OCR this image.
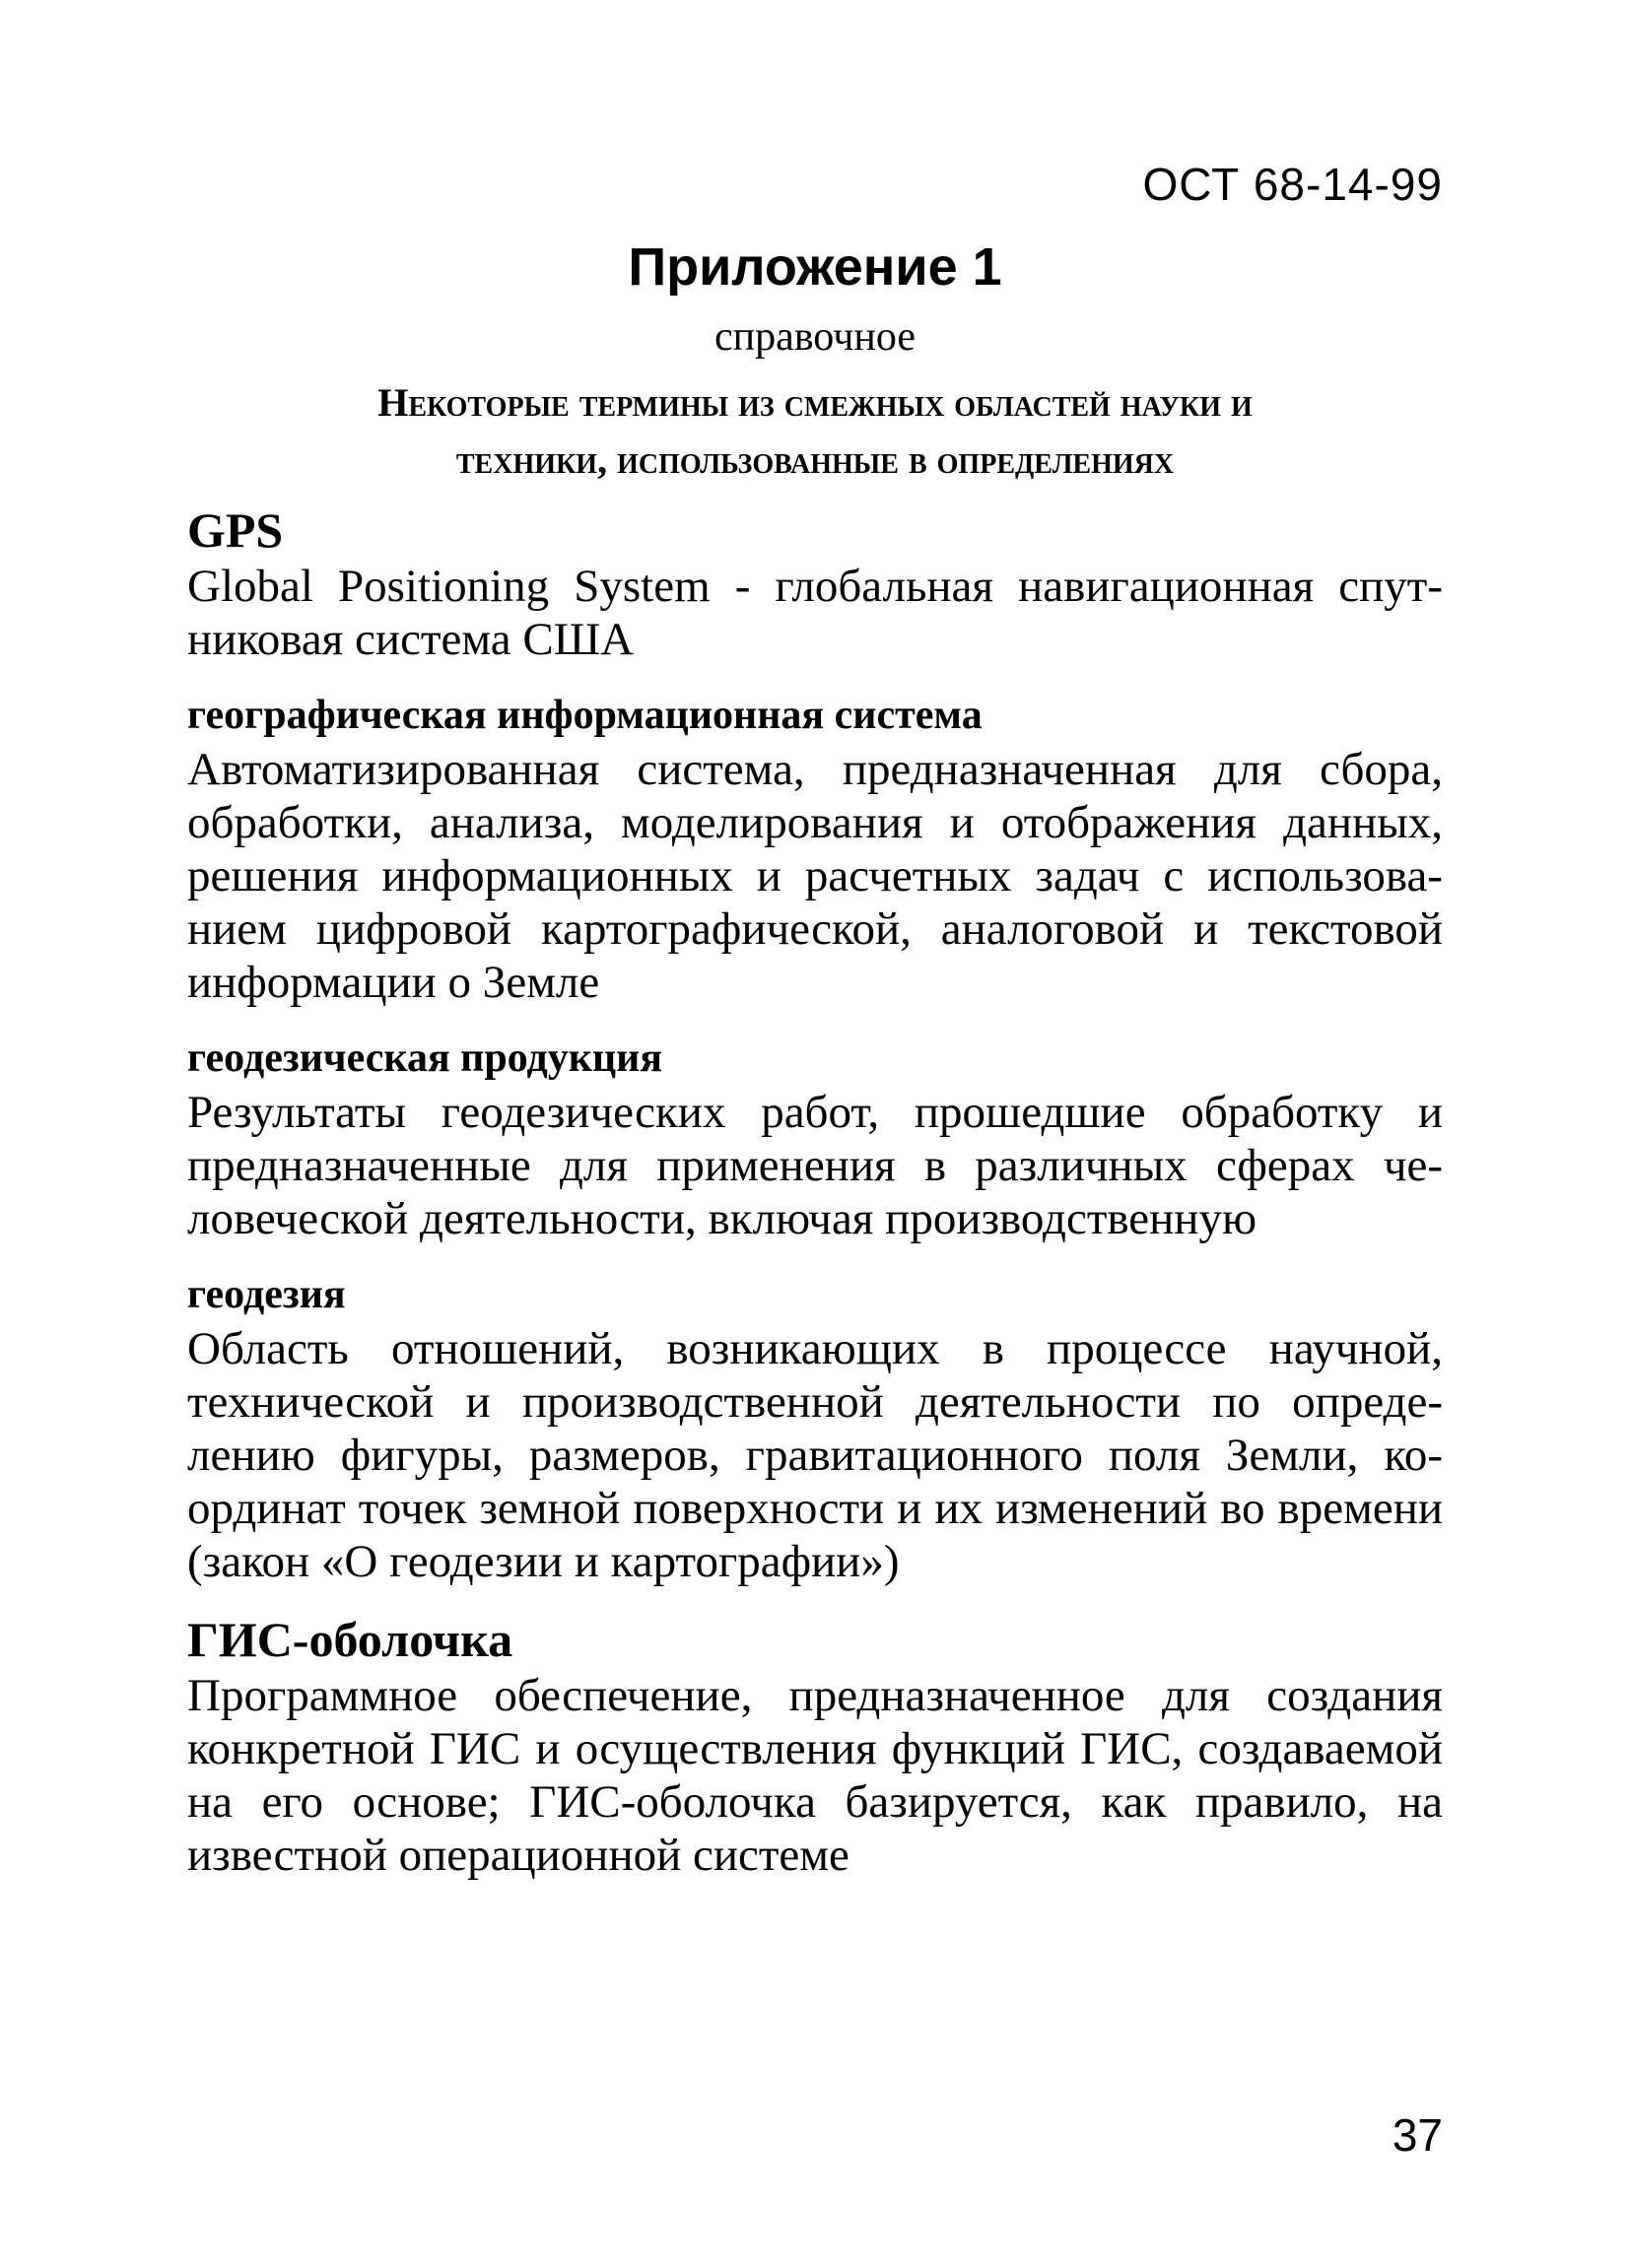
ОСТ 68-14-99
Приложение 1
справочное
Некоторые термины из смежных областей науки и
техники, использованные в определениях
GPS
Global Positioning System - глобальная навигационная спутниковая система США
географическая информационная система
Автоматизированная система, предназначенная для сбора, обработки, анализа, моделирования и отображения данных, решения информационных и расчетных задач с использованием цифровой картографической, аналоговой и текстовой информации о Земле
геодезическая продукция
Результаты геодезических работ, прошедшие обработку и предназначенные для применения в различных сферах человеческой деятельности, включая производственную
геодезия
Область отношений, возникающих в процессе научной, технической и производственной деятельности по определению фигуры, размеров, гравитационного поля Земли, координат точек земной поверхности и их изменений во времени (закон «О геодезии и картографии»)
ГИС-оболочка
Программное обеспечение, предназначенное для создания конкретной ГИС и осуществления функций ГИС, создаваемой на его основе; ГИС-оболочка базируется, как правило, на известной операционной системе
37
